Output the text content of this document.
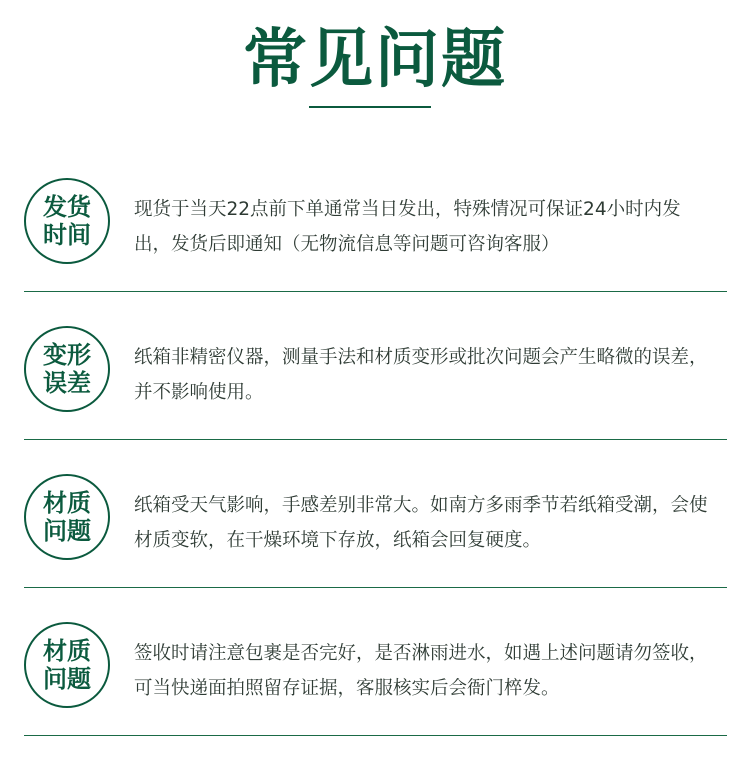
常见问题
发货时间
现货于当天22点前下单通常当日发出，特殊情况可保证24小时内发出，发货后即通知（无物流信息等问题可咨询客服）
变形误差
纸箱非精密仪器，测量手法和材质变形或批次问题会产生略微的误差，并不影响使用。
材质问题
纸箱受天气影响，手感差别非常大。如南方多雨季节若纸箱受潮，会使材质变软，在干燥环境下存放，纸箱会回复硬度。
材质问题
签收时请注意包裹是否完好，是否淋雨进水，如遇上述问题请勿签收，可当快递面拍照留存证据，客服核实后会衙门椊发。
